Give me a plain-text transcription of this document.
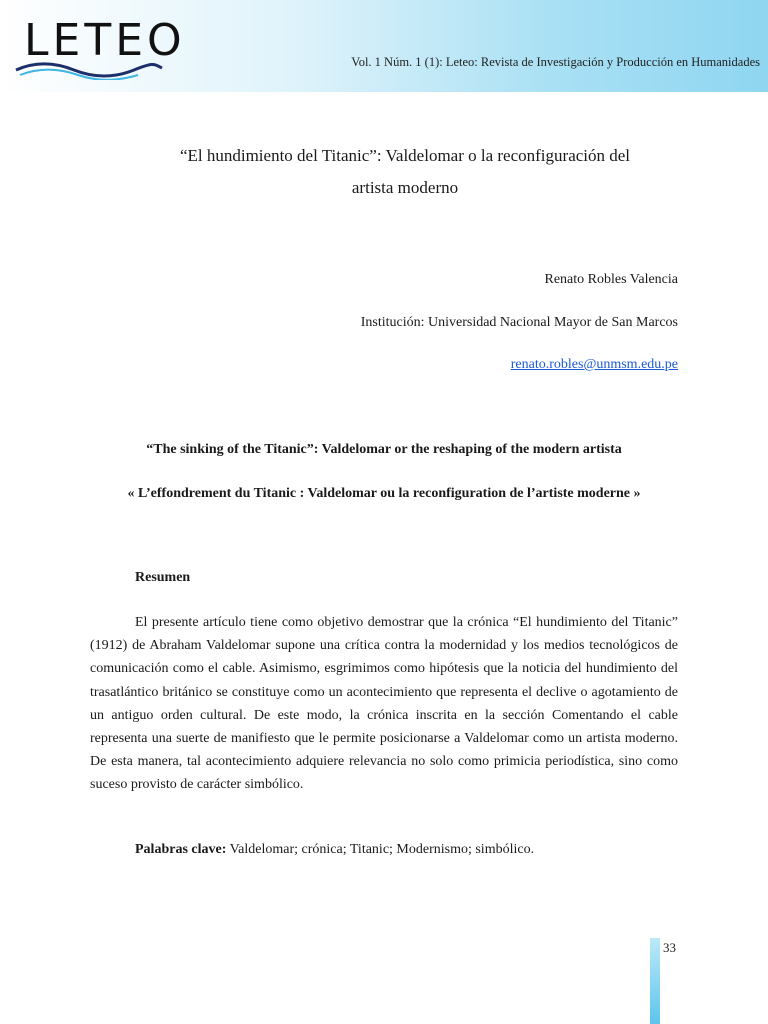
LETEO	Vol. 1 Núm. 1 (1): Leteo: Revista de Investigación y Producción en Humanidades
“El hundimiento del Titanic”: Valdelomar o la reconfiguración del
artista moderno
Renato Robles Valencia
Institución: Universidad Nacional Mayor de San Marcos
renato.robles@unmsm.edu.pe
“The sinking of the Titanic”: Valdelomar or the reshaping of the modern artista
« L’effondrement du Titanic : Valdelomar ou la reconfiguration de l’artiste moderne »
Resumen

El presente artículo tiene como objetivo demostrar que la crónica “El hundimiento del Titanic” (1912) de Abraham Valdelomar supone una crítica contra la modernidad y los medios tecnológicos de comunicación como el cable. Asimismo, esgrimimos como hipótesis que la noticia del hundimiento del trasatlántico británico se constituye como un acontecimiento que representa el declive o agotamiento de un antiguo orden cultural. De este modo, la crónica inscrita en la sección Comentando el cable representa una suerte de manifiesto que le permite posicionarse a Valdelomar como un artista moderno. De esta manera, tal acontecimiento adquiere relevancia no solo como primicia periodística, sino como suceso provisto de carácter simbólico.

Palabras clave: Valdelomar; crónica; Titanic; Modernismo; simbólico.
33
